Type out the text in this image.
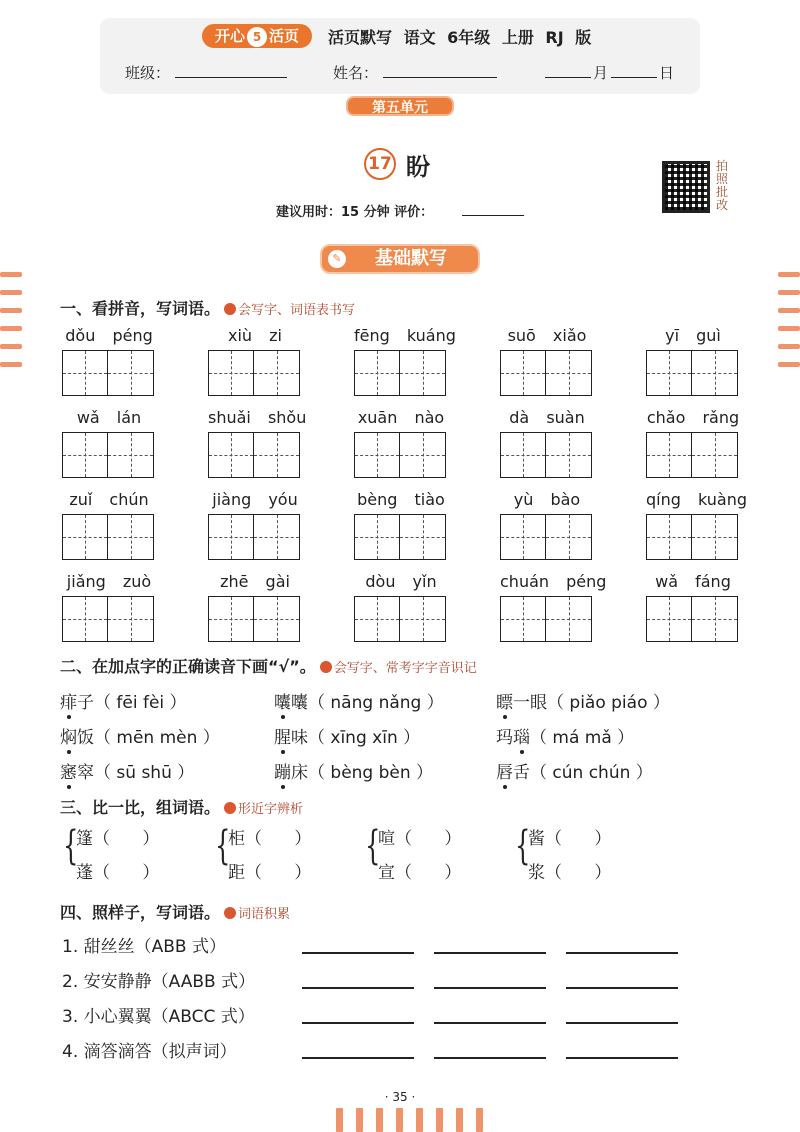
开心 5 活页	活页默写 语文 6年级 上册 RJ 版
班级：	姓名：	月	日
第五单元
17 盼	拍照批改
建议用时：15 分钟 评价：
✎ 基础默写
一、看拼音，写词语。 会写字、词语表书写
dǒu péng	xiù zi	fēng kuáng	suō xiǎo	yī guì
wǎ lán	shuǎi shǒu	xuān nào	dà suàn	chǎo rǎng
zuǐ chún	jiàng yóu	bèng tiào	yù bào	qíng kuàng
jiǎng zuò	zhē gài	dòu yǐn	chuán péng	wǎ fáng
二、在加点字的正确读音下画“√”。 会写字、常考字字音识记
痱子（ fēi fèi ）	囔囔（ nāng nǎng ）	瞟一眼（ piǎo piáo ）
焖饭（ mēn mèn ）	腥味（ xīng xīn ）	玛瑙（ má mǎ ）
窸窣（ sū shū ）	蹦床（ bèng bèn ）	唇舌（ cún chún ）
三、比一比，组词语。 形近字辨析
{
篷（      ）
蓬（      ）
{
柜（      ）
距（      ）
{
喧（      ）
宣（      ）
{
酱（      ）
浆（      ）
四、照样子，写词语。 词语积累
1. 甜丝丝（ABB 式）
2. 安安静静（AABB 式）
3. 小心翼翼（ABCC 式）
4. 滴答滴答（拟声词）
· 35 ·
